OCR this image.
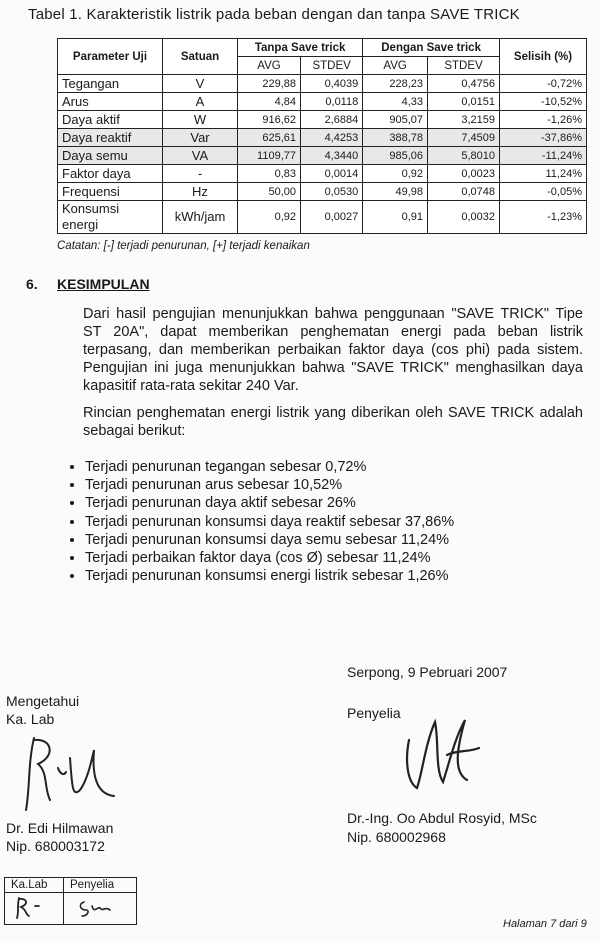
Tabel 1. Karakteristik listrik pada beban dengan dan tanpa SAVE TRICK
Parameter Uji	Satuan	Tanpa Save trick		Dengan Save trick		Selisih (%)
		AVG	STDEV	AVG	STDEV	
Tegangan	V	229,88	0,4039	228,23	0,4756	-0,72%
Arus	A	4,84	0,0118	4,33	0,0151	-10,52%
Daya aktif	W	916,62	2,6884	905,07	3,2159	-1,26%
Daya reaktif	Var	625,61	4,4253	388,78	7,4509	-37,86%
Daya semu	VA	1109,77	4,3440	985,06	5,8010	-11,24%
Faktor daya	-	0,83	0,0014	0,92	0,0023	11,24%
Frequensi	Hz	50,00	0,0530	49,98	0,0748	-0,05%
Konsumsi energi	kWh/jam	0,92	0,0027	0,91	0,0032	-1,23%
Catatan: [-] terjadi penurunan, [+] terjadi kenaikan
6. KESIMPULAN
Dari hasil pengujian menunjukkan bahwa penggunaan "SAVE TRICK" Tipe ST 20A", dapat memberikan penghematan energi pada beban listrik terpasang, dan memberikan perbaikan faktor daya (cos phi) pada sistem. Pengujian ini juga menunjukkan bahwa "SAVE TRICK" menghasilkan daya kapasitif rata-rata sekitar 240 Var.
Rincian penghematan energi listrik yang diberikan oleh SAVE TRICK adalah sebagai berikut:
• Terjadi penurunan tegangan sebesar 0,72%
• Terjadi penurunan arus sebesar 10,52%
• Terjadi penurunan daya aktif sebesar 26%
• Terjadi penurunan konsumsi daya reaktif sebesar 37,86%
• Terjadi penurunan konsumsi daya semu sebesar 11,24%
• Terjadi perbaikan faktor daya (cos Ø) sebesar 11,24%
• Terjadi penurunan konsumsi energi listrik sebesar 1,26%
Serpong, 9 Pebruari 2007
Penyelia
Dr.-Ing. Oo Abdul Rosyid, MSc
Nip. 680002968
Mengetahui
Ka. Lab
Dr. Edi Hilmawan
Nip. 680003172
Ka.Lab	Penyelia

Halaman 7 dari 9
